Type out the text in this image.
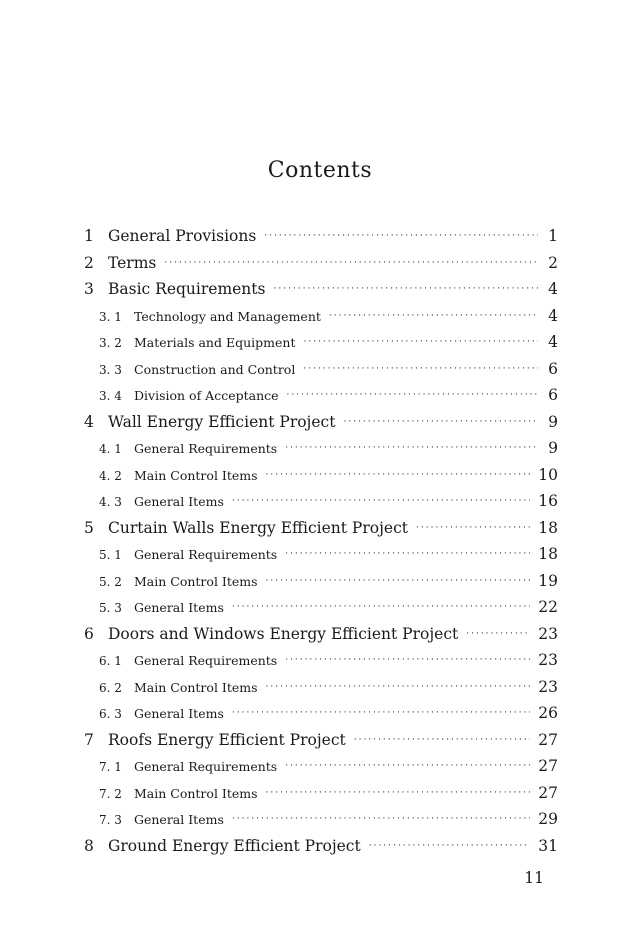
Contents
1 General Provisions ·····	1
2 Terms ·····	2
3 Basic Requirements ·····	4
3. 1 Technology and Management ·····	4
3. 2 Materials and Equipment ·····	4
3. 3 Construction and Control ·····	6
3. 4 Division of Acceptance ·····	6
4 Wall Energy Efficient Project ·····	9
4. 1 General Requirements ·····	9
4. 2 Main Control Items ·····	10
4. 3 General Items ·····	16
5 Curtain Walls Energy Efficient Project ·····	18
5. 1 General Requirements ·····	18
5. 2 Main Control Items ·····	19
5. 3 General Items ·····	22
6 Doors and Windows Energy Efficient Project ·····	23
6. 1 General Requirements ·····	23
6. 2 Main Control Items ·····	23
6. 3 General Items ·····	26
7 Roofs Energy Efficient Project ·····	27
7. 1 General Requirements ·····	27
7. 2 Main Control Items ·····	27
7. 3 General Items ·····	29
8 Ground Energy Efficient Project ·····	31
11
